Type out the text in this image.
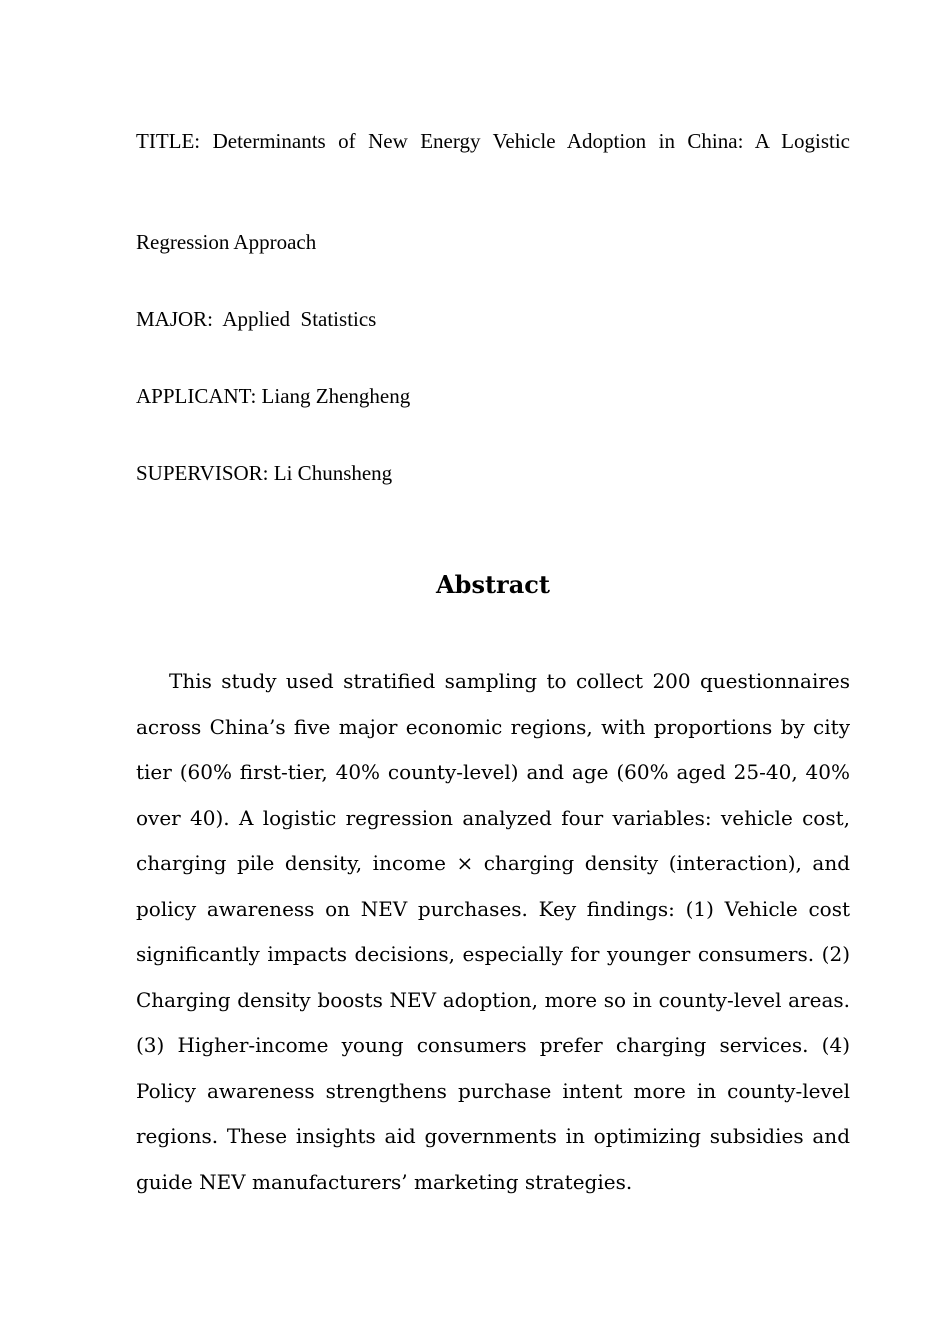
TITLE: Determinants of New Energy Vehicle Adoption in China: A Logistic
Regression Approach
MAJOR:  Applied  Statistics
APPLICANT: Liang Zhengheng
SUPERVISOR: Li Chunsheng
Abstract

This study used stratified sampling to collect 200 questionnaires across China’s five major economic regions, with proportions by city tier (60% first-tier, 40% county-level) and age (60% aged 25-40, 40% over 40). A logistic regression analyzed four variables: vehicle cost, charging pile density, income × charging density (interaction), and policy awareness on NEV purchases. Key findings: (1) Vehicle cost significantly impacts decisions, especially for younger consumers. (2) Charging density boosts NEV adoption, more so in county-level areas. (3) Higher-income young consumers prefer charging services. (4) Policy awareness strengthens purchase intent more in county-level regions. These insights aid governments in optimizing subsidies and guide NEV manufacturers’ marketing strategies.
